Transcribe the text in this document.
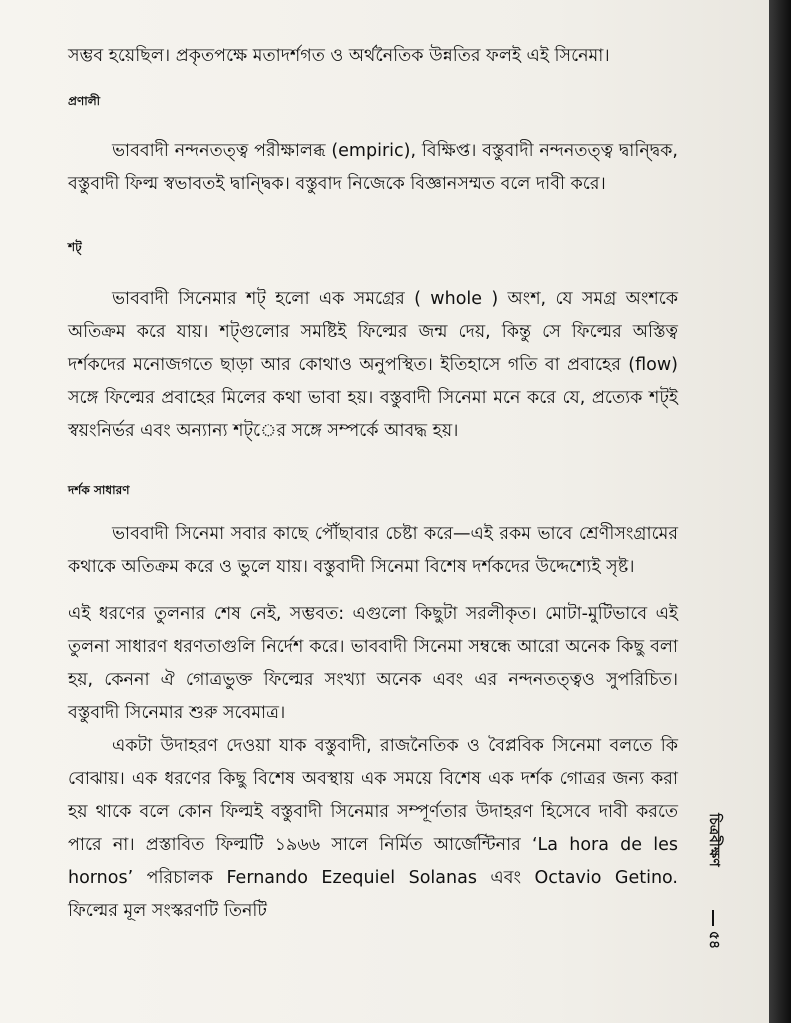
সম্ভব হয়েছিল। প্রকৃতপক্ষে মতাদর্শগত ও অর্থনৈতিক উন্নতির ফলই এই সিনেমা।

প্রণালী

ভাববাদী নন্দনতত্ত্ব পরীক্ষালব্ধ (empiric), বিক্ষিপ্ত। বস্তুবাদী নন্দনতত্ত্ব দ্বান্দ্বিক, বস্তুবাদী ফিল্ম স্বভাবতই দ্বান্দ্বিক। বস্তুবাদ নিজেকে বিজ্ঞানসম্মত বলে দাবী করে।

শট্‌

ভাববাদী সিনেমার শট্‌ হলো এক সমগ্রের ( whole ) অংশ, যে সমগ্র অংশকে অতিক্রম করে যায়। শট্‌গুলোর সমষ্টিই ফিল্মের জন্ম দেয়, কিন্তু সে ফিল্মের অস্তিত্ব দর্শকদের মনোজগতে ছাড়া আর কোথাও অনুপস্থিত। ইতিহাসে গতি বা প্রবাহের (flow) সঙ্গে ফিল্মের প্রবাহের মিলের কথা ভাবা হয়। বস্তুবাদী সিনেমা মনে করে যে, প্রত্যেক শট্‌ই স্বয়ংনির্ভর এবং অন্যান্য শট্‌ের সঙ্গে সম্পর্কে আবদ্ধ হয়।

দর্শক সাধারণ

ভাববাদী সিনেমা সবার কাছে পৌঁছাবার চেষ্টা করে—এই রকম ভাবে শ্রেণীসংগ্রামের কথাকে অতিক্রম করে ও ভুলে যায়। বস্তুবাদী সিনেমা বিশেষ দর্শকদের উদ্দেশ্যেই সৃষ্ট।

এই ধরণের তুলনার শেষ নেই, সম্ভবত: এগুলো কিছুটা সরলীকৃত। মোটা-মুটিভাবে এই তুলনা সাধারণ ধরণতাগুলি নির্দেশ করে। ভাববাদী সিনেমা সম্বন্ধে আরো অনেক কিছু বলা হয়, কেননা ঐ গোত্রভুক্ত ফিল্মের সংখ্যা অনেক এবং এর নন্দনতত্ত্বও সুপরিচিত। বস্তুবাদী সিনেমার শুরু সবেমাত্র।

একটা উদাহরণ দেওয়া যাক বস্তুবাদী, রাজনৈতিক ও বৈপ্লবিক সিনেমা বলতে কি বোঝায়। এক ধরণের কিছু বিশেষ অবস্থায় এক সময়ে বিশেষ এক দর্শক গোত্রর জন্য করা হয় থাকে বলে কোন ফিল্মই বস্তুবাদী সিনেমার সম্পূর্ণতার উদাহরণ হিসেবে দাবী করতে পারে না। প্রস্তাবিত ফিল্মটি ১৯৬৬ সালে নির্মিত আর্জেন্টিনার ‘La hora de les hornos’ পরিচালক Fernando Ezequiel Solanas এবং Octavio Getino. ফিল্মের মূল সংস্করণটি তিনটি

চিত্রবীক্ষণ
৫৪
